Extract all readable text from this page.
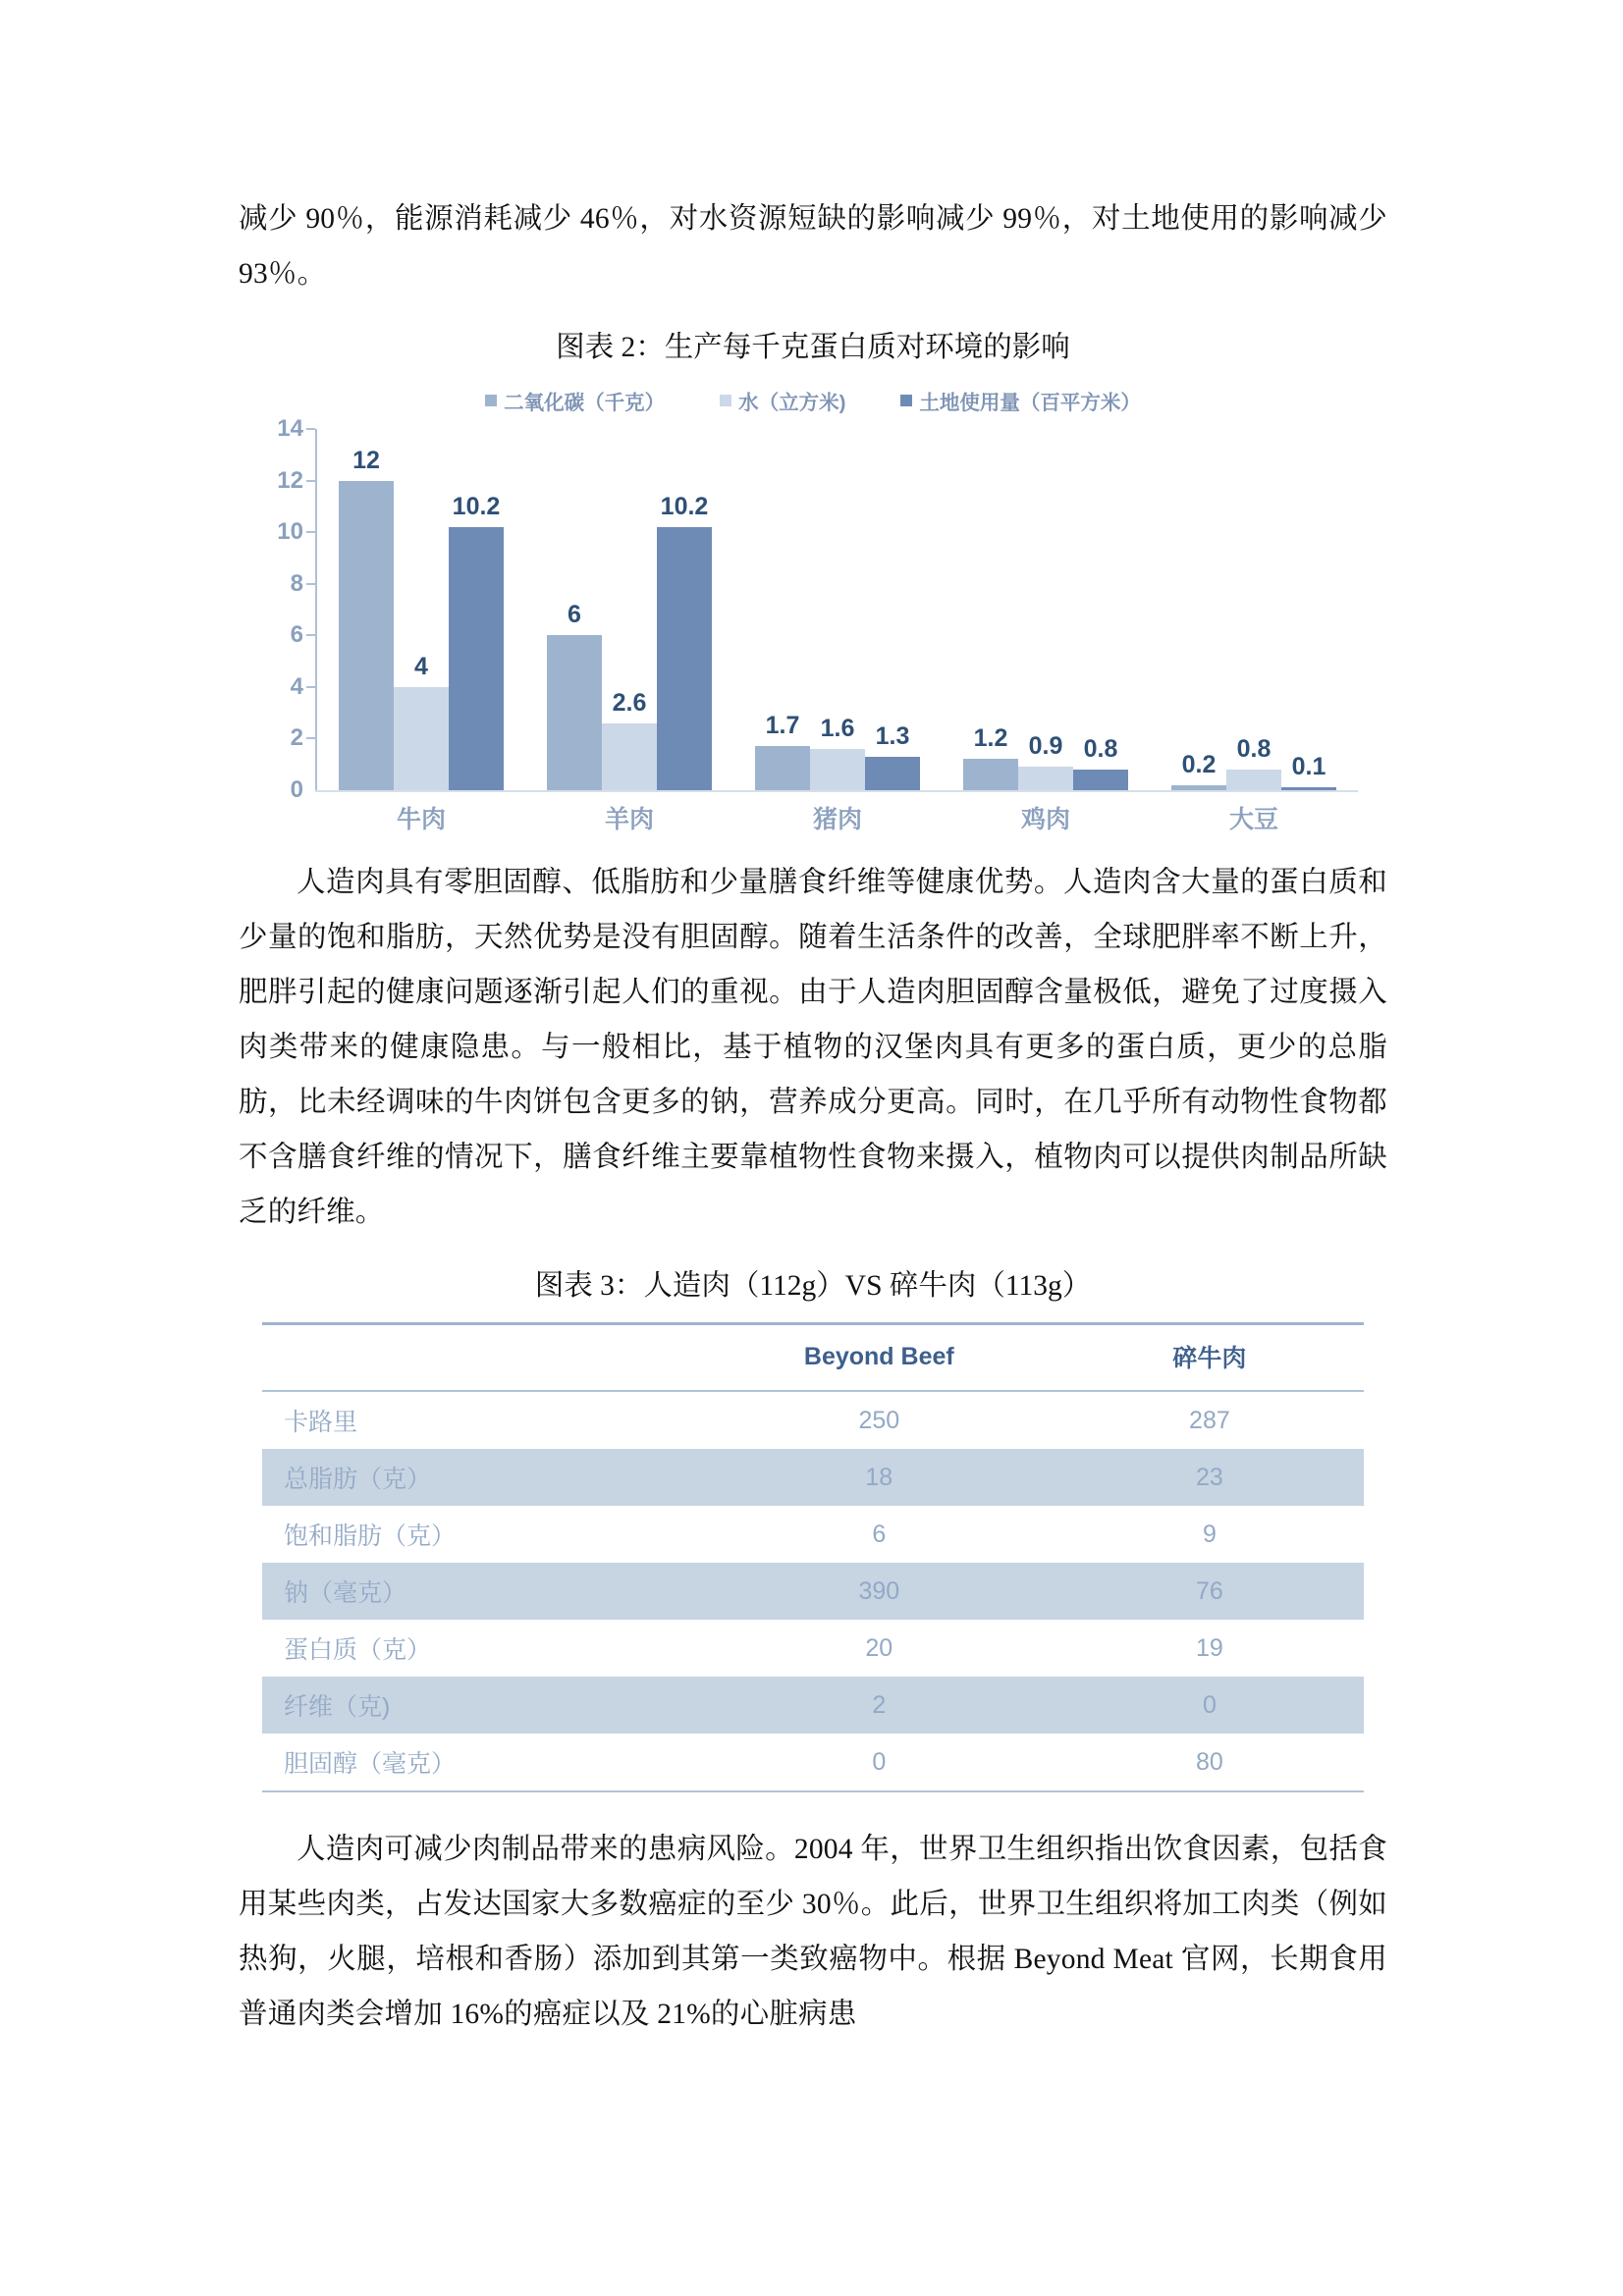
减少 90％，能源消耗减少 46％，对水资源短缺的影响减少 99％，对土地使用的影响减少 93％。

图表 2：生产每千克蛋白质对环境的影响

二氧化碳（千克）	水（立方米)	土地使用量（百平方米）
0
2
4
6
8
10
12
14
12
4
10.2
6
2.6
10.2
1.7 1.6 1.3	1.2 0.9 0.8
0.2
0.8
0.1
牛肉	羊肉	猪肉	鸡肉	大豆

人造肉具有零胆固醇、低脂肪和少量膳食纤维等健康优势。人造肉含大量的蛋白质和少量的饱和脂肪，天然优势是没有胆固醇。随着生活条件的改善，全球肥胖率不断上升，肥胖引起的健康问题逐渐引起人们的重视。由于人造肉胆固醇含量极低，避免了过度摄入肉类带来的健康隐患。与一般相比，基于植物的汉堡肉具有更多的蛋白质，更少的总脂肪，比未经调味的牛肉饼包含更多的钠，营养成分更高。同时，在几乎所有动物性食物都不含膳食纤维的情况下，膳食纤维主要靠植物性食物来摄入，植物肉可以提供肉制品所缺乏的纤维。

图表 3：人造肉（112g）VS 碎牛肉（113g）

	Beyond Beef	碎牛肉

卡路里	250	287
总脂肪（克）	18	23
饱和脂肪（克）	6	9
钠（毫克）	390	76
蛋白质（克）	20	19
纤维（克)	2	0
胆固醇（毫克）	0	80

人造肉可减少肉制品带来的患病风险。2004 年，世界卫生组织指出饮食因素，包括食用某些肉类，占发达国家大多数癌症的至少 30％。此后，世界卫生组织将加工肉类（例如热狗，火腿，培根和香肠）添加到其第一类致癌物中。根据 Beyond Meat 官网，长期食用普通肉类会增加 16%的癌症以及 21%的心脏病患
